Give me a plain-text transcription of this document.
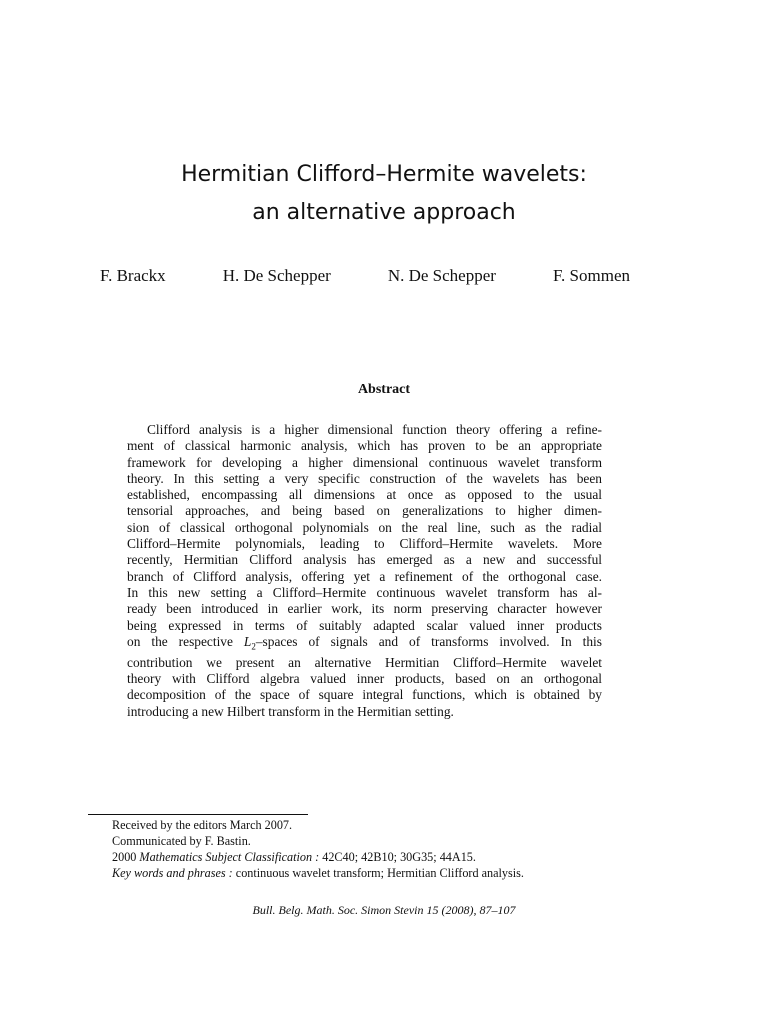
Hermitian Clifford–Hermite wavelets:
an alternative approach
F. Brackx	H. De Schepper	N. De Schepper	F. Sommen
Abstract
Clifford analysis is a higher dimensional function theory offering a refine-
ment of classical harmonic analysis, which has proven to be an appropriate
framework for developing a higher dimensional continuous wavelet transform
theory. In this setting a very specific construction of the wavelets has been
established, encompassing all dimensions at once as opposed to the usual
tensorial approaches, and being based on generalizations to higher dimen-
sion of classical orthogonal polynomials on the real line, such as the radial
Clifford–Hermite polynomials, leading to Clifford–Hermite wavelets. More
recently, Hermitian Clifford analysis has emerged as a new and successful
branch of Clifford analysis, offering yet a refinement of the orthogonal case.
In this new setting a Clifford–Hermite continuous wavelet transform has al-
ready been introduced in earlier work, its norm preserving character however
being expressed in terms of suitably adapted scalar valued inner products
on the respective $L_2$–spaces of signals and of transforms involved. In this
contribution we present an alternative Hermitian Clifford–Hermite wavelet
theory with Clifford algebra valued inner products, based on an orthogonal
decomposition of the space of square integral functions, which is obtained by
introducing a new Hilbert transform in the Hermitian setting.
Received by the editors March 2007.
Communicated by F. Bastin.
2000 Mathematics Subject Classification : 42C40; 42B10; 30G35; 44A15.
Key words and phrases : continuous wavelet transform; Hermitian Clifford analysis.
Bull. Belg. Math. Soc. Simon Stevin 15 (2008), 87–107
